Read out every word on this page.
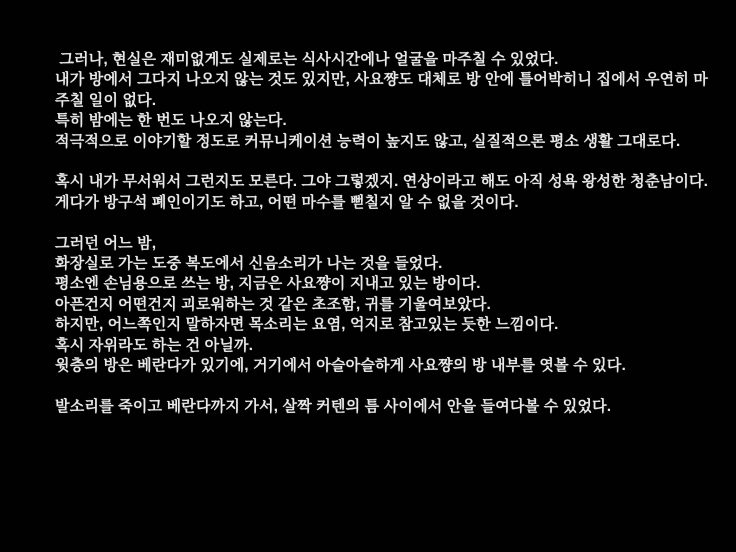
그러나, 현실은 재미없게도 실제로는 식사시간에나 얼굴을 마주칠 수 있었다.
내가 방에서 그다지 나오지 않는 것도 있지만, 사요쨩도 대체로 방 안에 틀어박히니 집에서 우연히 마주칠 일이 없다.
특히 밤에는 한 번도 나오지 않는다.
적극적으로 이야기할 정도로 커뮤니케이션 능력이 높지도 않고, 실질적으론 평소 생활 그대로다.

혹시 내가 무서워서 그런지도 모른다. 그야 그렇겠지. 연상이라고 해도 아직 성욕 왕성한 청춘남이다.
게다가 방구석 폐인이기도 하고, 어떤 마수를 뻗칠지 알 수 없을 것이다.

그러던 어느 밤,
화장실로 가는 도중 복도에서 신음소리가 나는 것을 들었다.
평소엔 손님용으로 쓰는 방, 지금은 사요쨩이 지내고 있는 방이다.
아픈건지 어떤건지 괴로워하는 것 같은 초조함, 귀를 기울여보았다.
하지만, 어느쪽인지 말하자면 목소리는 요염, 억지로 참고있는 듯한 느낌이다.
혹시 자위라도 하는 건 아닐까.
윗층의 방은 베란다가 있기에, 거기에서 아슬아슬하게 사요쨩의 방 내부를 엿볼 수 있다.

발소리를 죽이고 베란다까지 가서, 살짝 커텐의 틈 사이에서 안을 들여다볼 수 있었다.
